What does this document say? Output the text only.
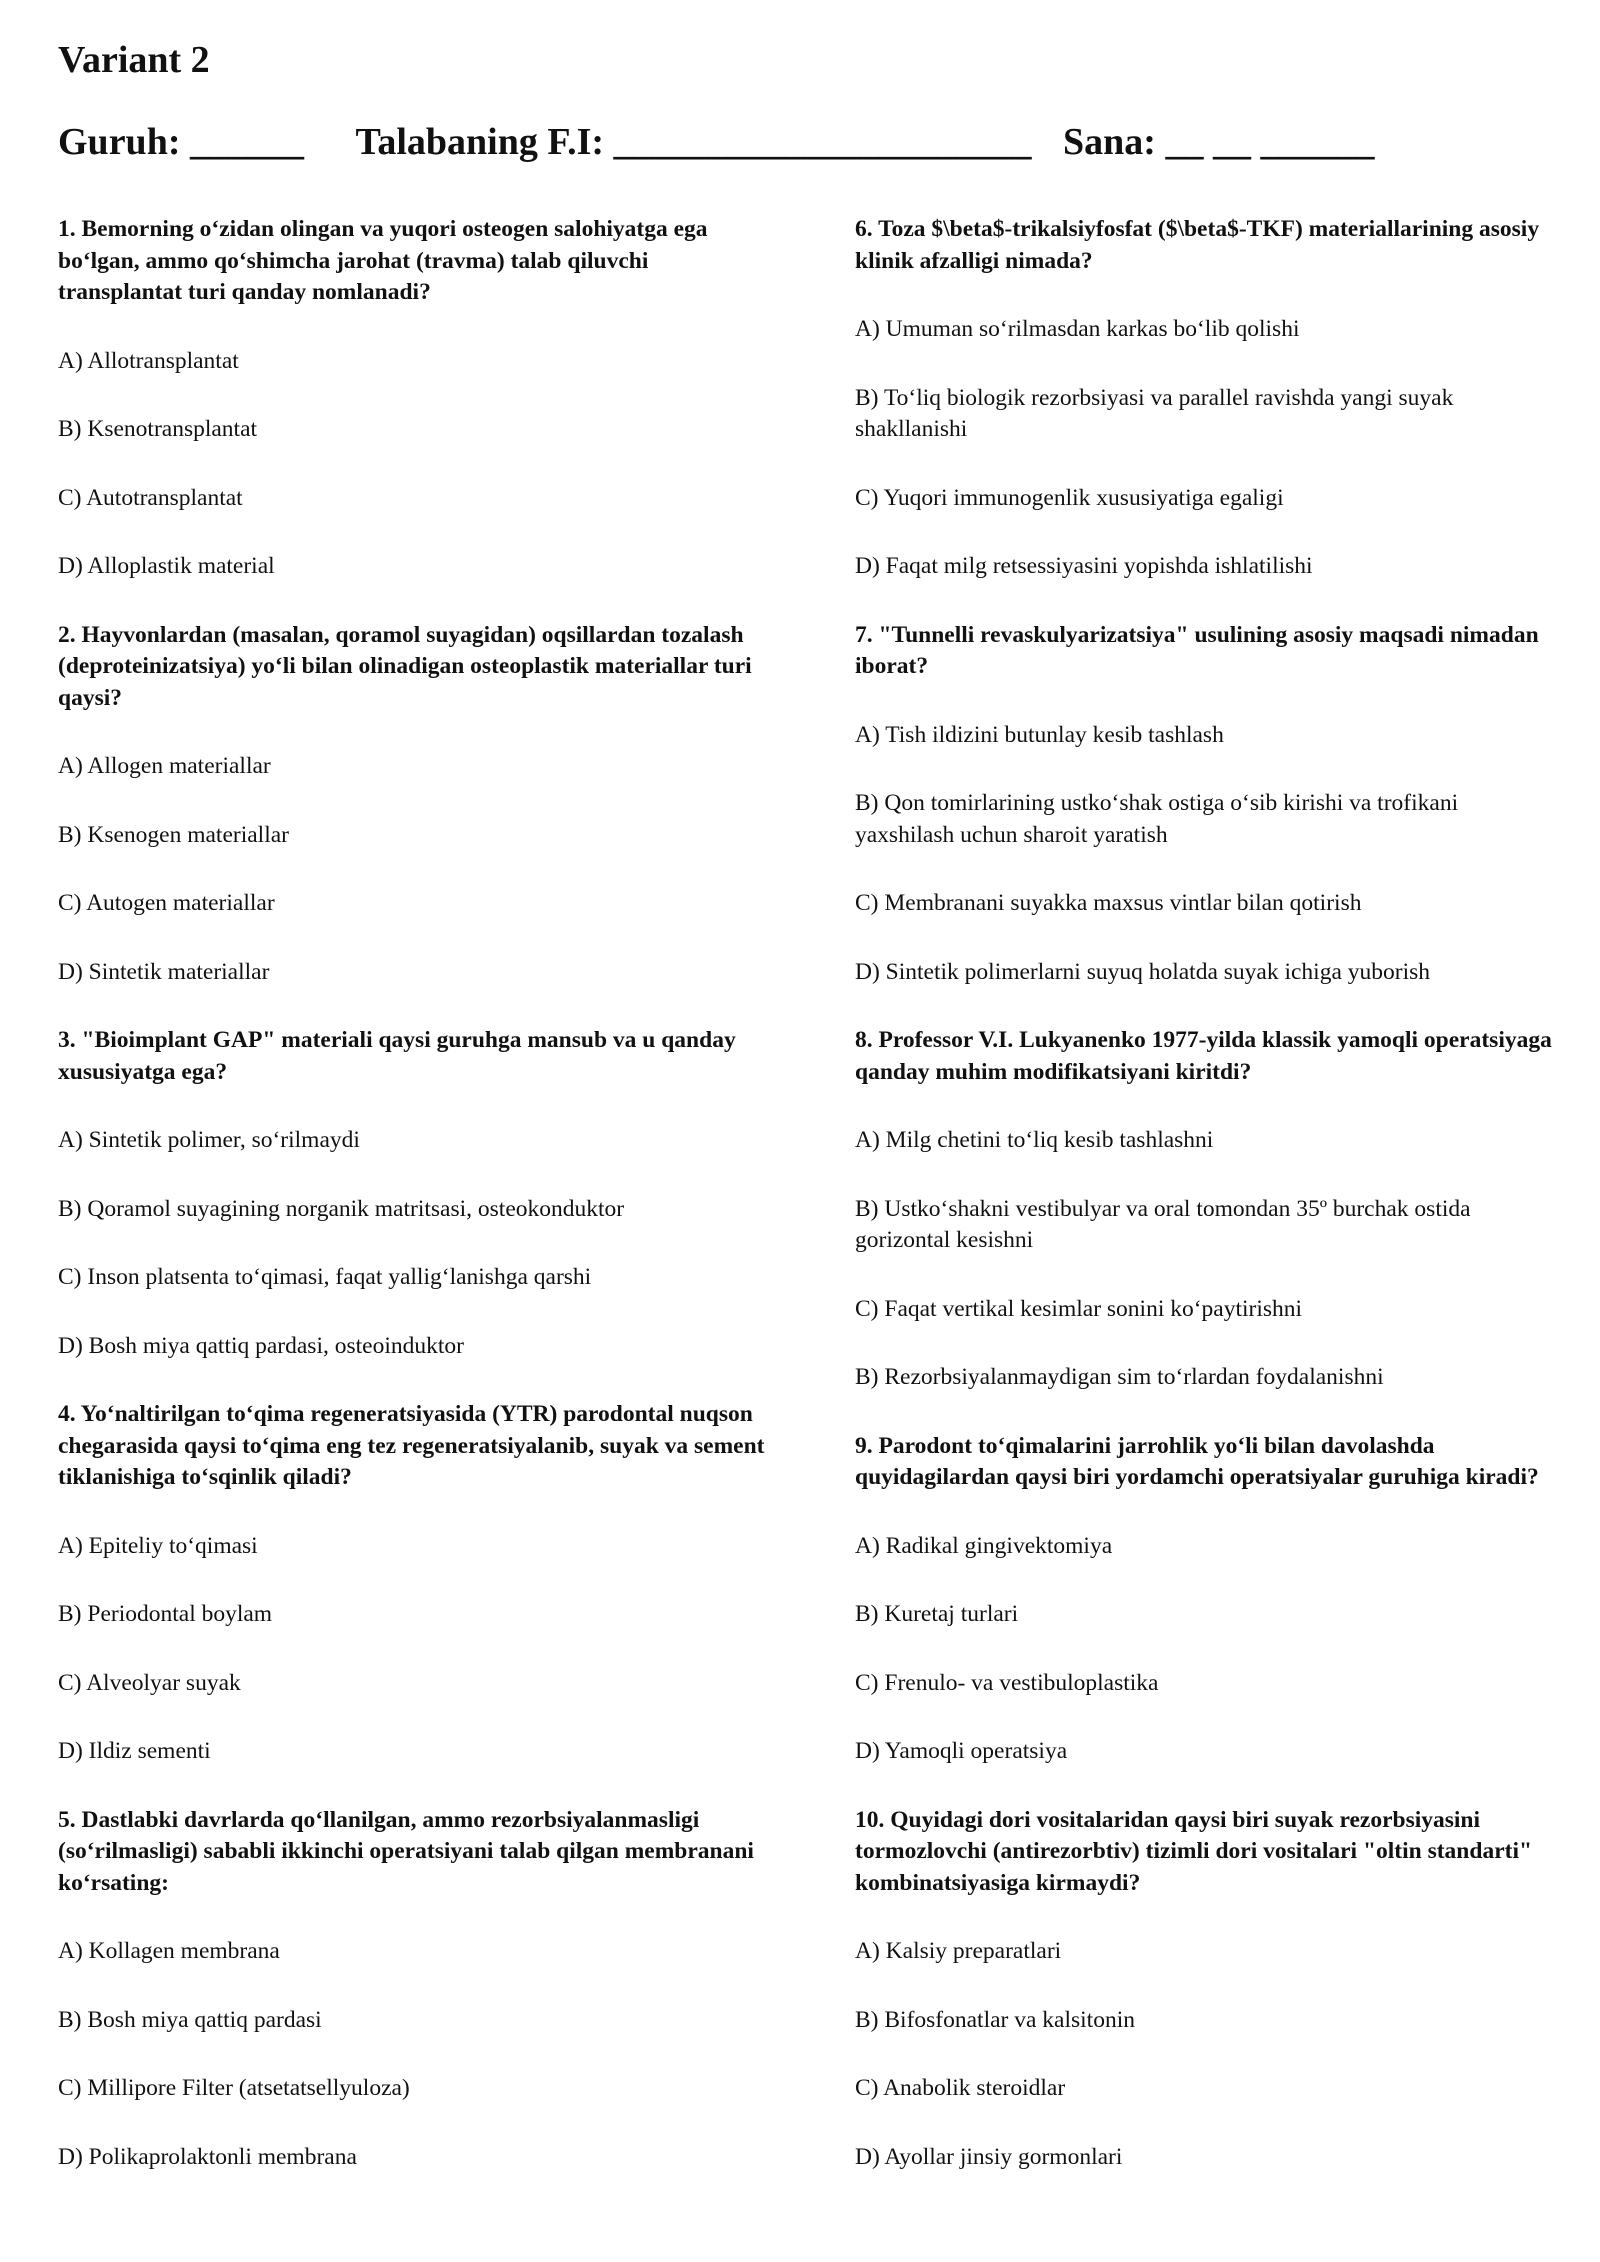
Variant 2
Guruh: ______ Talabaning F.I: ______________________ Sana: __ __ ______
1. Bemorning o‘zidan olingan va yuqori osteogen salohiyatga ega bo‘lgan, ammo qo‘shimcha jarohat (travma) talab qiluvchi transplantat turi qanday nomlanadi?
A) Allotransplantat
B) Ksenotransplantat
C) Autotransplantat
D) Alloplastik material
2. Hayvonlardan (masalan, qoramol suyagidan) oqsillardan tozalash (deproteinizatsiya) yo‘li bilan olinadigan osteoplastik materiallar turi qaysi?
A) Allogen materiallar
B) Ksenogen materiallar
C) Autogen materiallar
D) Sintetik materiallar
3. "Bioimplant GAP" materiali qaysi guruhga mansub va u qanday xususiyatga ega?
A) Sintetik polimer, so‘rilmaydi
B) Qoramol suyagining norganik matritsasi, osteokonduktor
C) Inson platsenta to‘qimasi, faqat yallig‘lanishga qarshi
D) Bosh miya qattiq pardasi, osteoinduktor
4. Yo‘naltirilgan to‘qima regeneratsiyasida (YTR) parodontal nuqson chegarasida qaysi to‘qima eng tez regeneratsiyalanib, suyak va sement tiklanishiga to‘sqinlik qiladi?
A) Epiteliy to‘qimasi
B) Periodontal boylam
C) Alveolyar suyak
D) Ildiz sementi
5. Dastlabki davrlarda qo‘llanilgan, ammo rezorbsiyalanmasligi (so‘rilmasligi) sababli ikkinchi operatsiyani talab qilgan membranani ko‘rsating:
A) Kollagen membrana
B) Bosh miya qattiq pardasi
C) Millipore Filter (atsetatsellyuloza)
D) Polikaprolaktonli membrana
6. Toza $\beta$-trikalsiyfosfat ($\beta$-TKF) materiallarining asosiy klinik afzalligi nimada?
A) Umuman so‘rilmasdan karkas bo‘lib qolishi
B) To‘liq biologik rezorbsiyasi va parallel ravishda yangi suyak shakllanishi
C) Yuqori immunogenlik xususiyatiga egaligi
D) Faqat milg retsessiyasini yopishda ishlatilishi
7. "Tunnelli revaskulyarizatsiya" usulining asosiy maqsadi nimadan iborat?
A) Tish ildizini butunlay kesib tashlash
B) Qon tomirlarining ustko‘shak ostiga o‘sib kirishi va trofikani yaxshilash uchun sharoit yaratish
C) Membranani suyakka maxsus vintlar bilan qotirish
D) Sintetik polimerlarni suyuq holatda suyak ichiga yuborish
8. Professor V.I. Lukyanenko 1977-yilda klassik yamoqli operatsiyaga qanday muhim modifikatsiyani kiritdi?
A) Milg chetini to‘liq kesib tashlashni
B) Ustko‘shakni vestibulyar va oral tomondan 35º burchak ostida gorizontal kesishni
C) Faqat vertikal kesimlar sonini ko‘paytirishni
B) Rezorbsiyalanmaydigan sim to‘rlardan foydalanishni
9. Parodont to‘qimalarini jarrohlik yo‘li bilan davolashda quyidagilardan qaysi biri yordamchi operatsiyalar guruhiga kiradi?
A) Radikal gingivektomiya
B) Kuretaj turlari
C) Frenulo- va vestibuloplastika
D) Yamoqli operatsiya
10. Quyidagi dori vositalaridan qaysi biri suyak rezorbsiyasini tormozlovchi (antirezorbtiv) tizimli dori vositalari "oltin standarti" kombinatsiyasiga kirmaydi?
A) Kalsiy preparatlari
B) Bifosfonatlar va kalsitonin
C) Anabolik steroidlar
D) Ayollar jinsiy gormonlari
